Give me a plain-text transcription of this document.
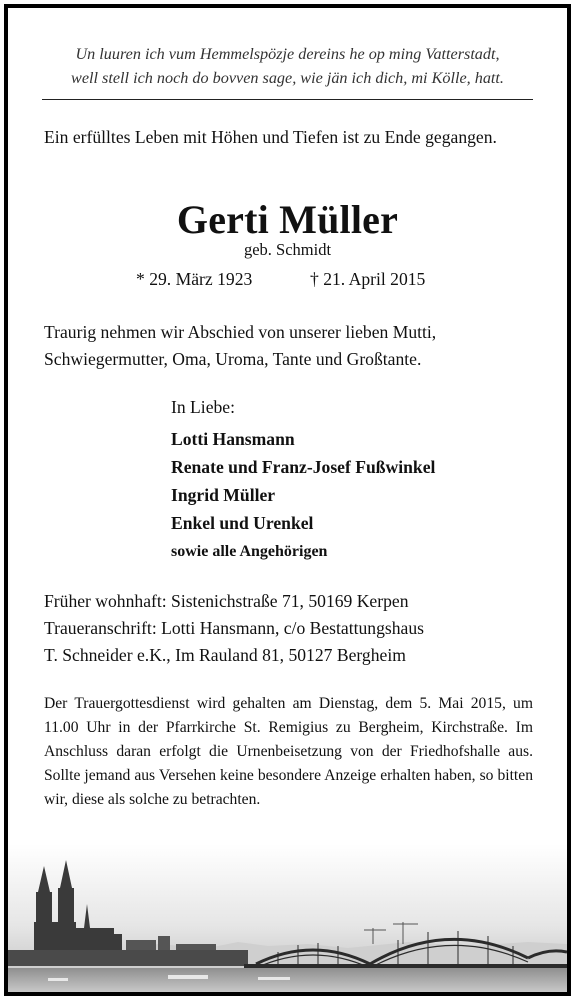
Un luuren ich vum Hemmelspözje dereins he op ming Vatterstadt,
well stell ich noch do bovven sage, wie jän ich dich, mi Kölle, hatt.
Ein erfülltes Leben mit Höhen und Tiefen ist zu Ende gegangen.
Gerti Müller
geb. Schmidt
* 29. März 1923	† 21. April 2015
Traurig nehmen wir Abschied von unserer lieben Mutti, Schwiegermutter, Oma, Uroma, Tante und Großtante.
In Liebe:
Lotti Hansmann
Renate und Franz-Josef Fußwinkel
Ingrid Müller
Enkel und Urenkel
sowie alle Angehörigen
Früher wohnhaft: Sistenichstraße 71, 50169 Kerpen
Traueranschrift: Lotti Hansmann, c/o Bestattungshaus
T. Schneider e.K., Im Rauland 81, 50127 Bergheim

Der Trauergottesdienst wird gehalten am Dienstag, dem 5. Mai 2015, um 11.00 Uhr in der Pfarrkirche St. Remigius zu Bergheim, Kirchstraße. Im Anschluss daran erfolgt die Urnenbeisetzung von der Friedhofshalle aus.

Sollte jemand aus Versehen keine besondere Anzeige erhalten haben, so bitten wir, diese als solche zu betrachten.
